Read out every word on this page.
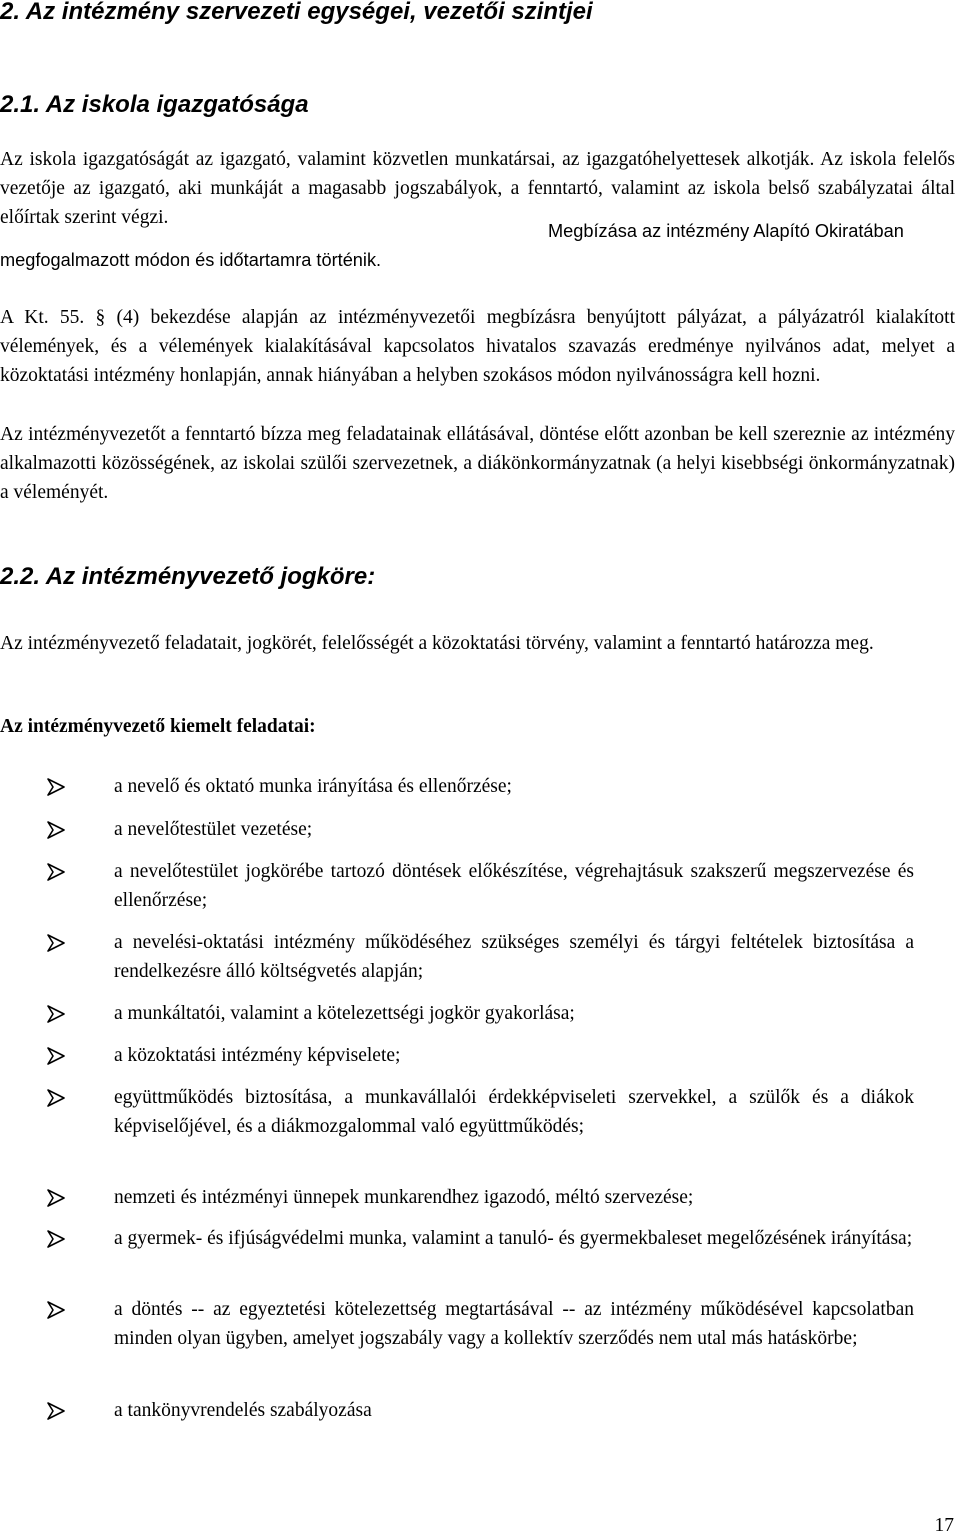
2. Az intézmény szervezeti egységei, vezetői szintjei
2.1. Az iskola igazgatósága

Az iskola igazgatóságát az igazgató, valamint közvetlen munkatársai, az igazgatóhelyettesek alkotják. Az iskola felelős vezetője az igazgató, aki munkáját a magasabb jogszabályok, a fenntartó, valamint az iskola belső szabályzatai által előírtak szerint végzi.

Megbízása az intézmény Alapító Okiratában megfogalmazott módon és időtartamra történik.

A Kt. 55. § (4) bekezdése alapján az intézményvezetői megbízásra benyújtott pályázat, a pályázatról kialakított vélemények, és a vélemények kialakításával kapcsolatos hivatalos szavazás eredménye nyilvános adat, melyet a közoktatási intézmény honlapján, annak hiányában a helyben szokásos módon nyilvánosságra kell hozni.

Az intézményvezetőt a fenntartó bízza meg feladatainak ellátásával, döntése előtt azonban be kell szereznie az intézmény alkalmazotti közösségének, az iskolai szülői szervezetnek, a diákönkormányzatnak (a helyi kisebbségi önkormányzatnak) a véleményét.

2.2. Az intézményvezető jogköre:

Az intézményvezető feladatait, jogkörét, felelősségét a közoktatási törvény, valamint a fenntartó határozza meg.

Az intézményvezető kiemelt feladatai:

a nevelő és oktató munka irányítása és ellenőrzése;
a nevelőtestület vezetése;
a nevelőtestület jogkörébe tartozó döntések előkészítése, végrehajtásuk szakszerű megszervezése és ellenőrzése;
a nevelési-oktatási intézmény működéséhez szükséges személyi és tárgyi feltételek biztosítása a rendelkezésre álló költségvetés alapján;
a munkáltatói, valamint a kötelezettségi jogkör gyakorlása;
a közoktatási intézmény képviselete;
együttműködés biztosítása, a munkavállalói érdekképviseleti szervekkel, a szülők és a diákok képviselőjével, és a diákmozgalommal való együttműködés;
nemzeti és intézményi ünnepek munkarendhez igazodó, méltó szervezése;
a gyermek- és ifjúságvédelmi munka, valamint a tanuló- és gyermekbaleset megelőzésének irányítása;
a döntés -- az egyeztetési kötelezettség megtartásával -- az intézmény működésével kapcsolatban minden olyan ügyben, amelyet jogszabály vagy a kollektív szerződés nem utal más hatáskörbe;
a tankönyvrendelés szabályozása

17
